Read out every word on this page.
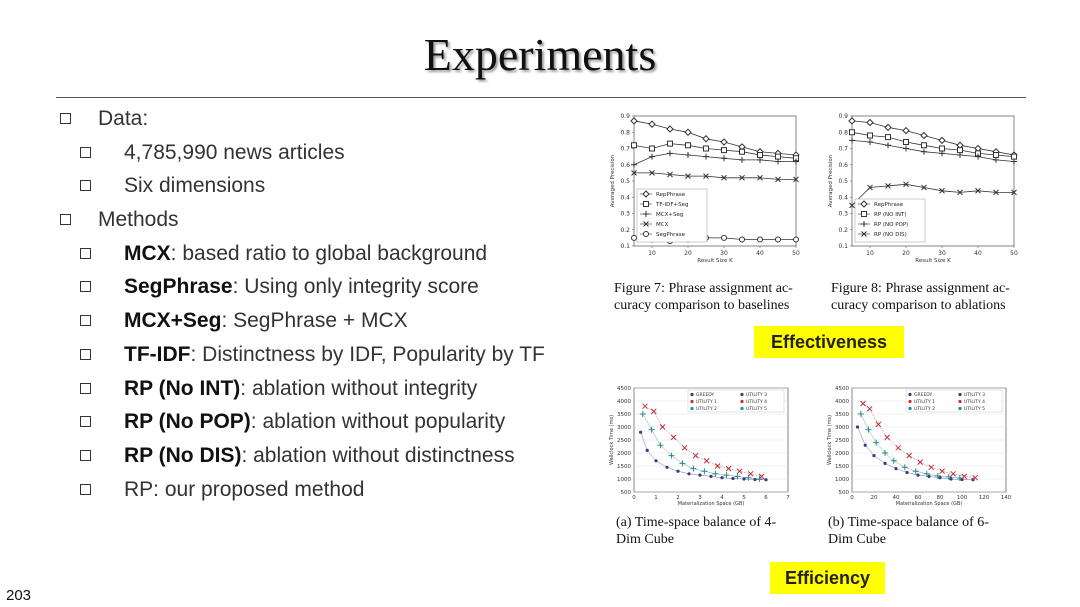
Experiments
Data:
4,785,990 news articles
Six dimensions
Methods
MCX: based ratio to global background
SegPhrase: Using only integrity score
MCX+Seg: SegPhrase + MCX
TF-IDF: Distinctness by IDF, Popularity by TF
RP (No INT): ablation without integrity
RP (No POP): ablation without popularity
RP (No DIS): ablation without distinctness
RP: our proposed method
0.1
0.2
0.3
0.4
0.5
0.6
0.7
0.8
0.9
10	20	30	40	50
Result Size K
Averaged Precision	RepPhrase
TF-IDF+Seg
MCX+Seg
MCX
SegPhrase
0.1
0.2
0.3
0.4
0.5
0.6
0.7
0.8
0.9
10	20	30	40	50
Result Size K
Averaged Precision	RepPhrase
RP (NO INT)
RP (NO POP)
RP (NO DIS)
500
1000
1500
2000
2500
3000
3500
4000
4500
0	1	2	3	4	5	6	7
Materialization Space (GB)
Wallclock Time (ms)
GREEDY
UTILITY 1
UTILITY 2
UTILITY 3
UTILITY 4
UTILITY 5
500
1000
1500
2000
2500
3000
3500
4000
4500
0	20	40	60	80 100 120 140
Materialization Space (GB)
Wallclock Time (ms)
GREEDY
UTILITY 1
UTILITY 2
UTILITY 3
UTILITY 4
UTILITY 5
Figure 7: Phrase assignment ac-
curacy comparison to baselines
Figure 8: Phrase assignment ac-
curacy comparison to ablations
(a) Time-space balance of 4-
Dim Cube
(b) Time-space balance of 6-
Dim Cube
Effectiveness
Efficiency
203
